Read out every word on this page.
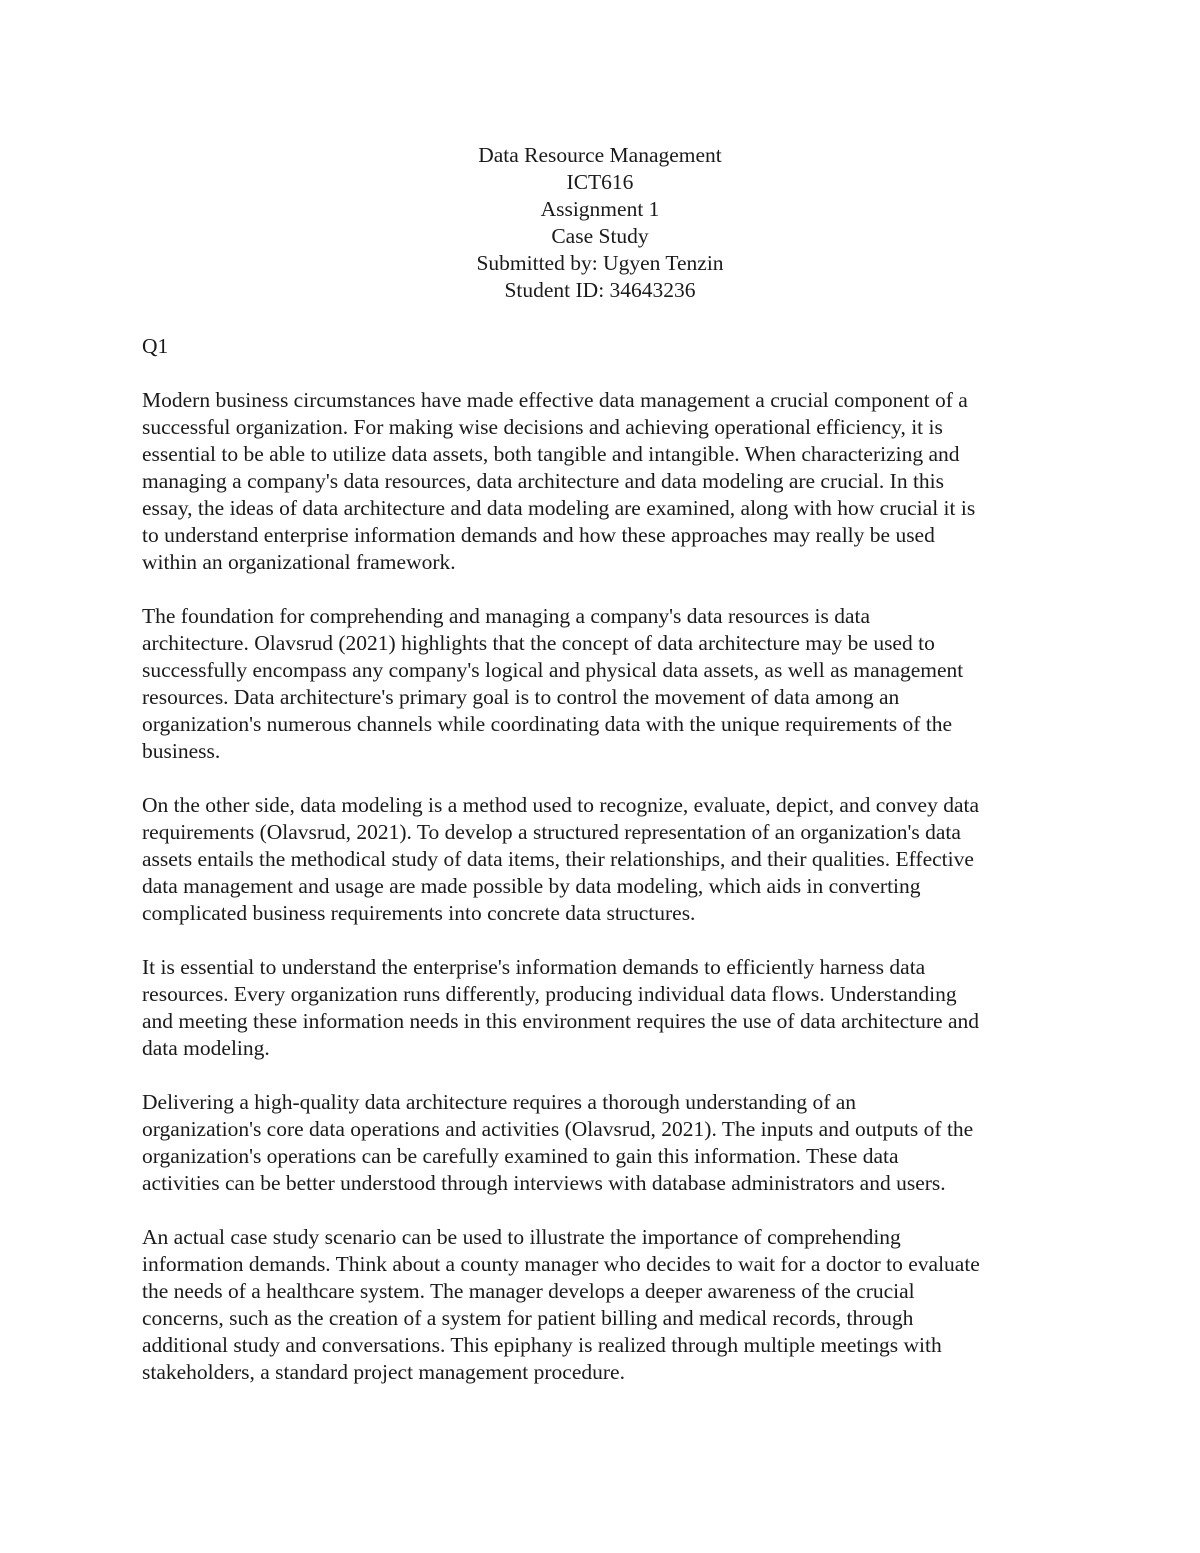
Data Resource Management
ICT616
Assignment 1
Case Study
Submitted by: Ugyen Tenzin
Student ID: 34643236

Q1

Modern business circumstances have made effective data management a crucial component of a
successful organization. For making wise decisions and achieving operational efficiency, it is
essential to be able to utilize data assets, both tangible and intangible. When characterizing and
managing a company's data resources, data architecture and data modeling are crucial. In this
essay, the ideas of data architecture and data modeling are examined, along with how crucial it is
to understand enterprise information demands and how these approaches may really be used
within an organizational framework.

The foundation for comprehending and managing a company's data resources is data
architecture. Olavsrud (2021) highlights that the concept of data architecture may be used to
successfully encompass any company's logical and physical data assets, as well as management
resources. Data architecture's primary goal is to control the movement of data among an
organization's numerous channels while coordinating data with the unique requirements of the
business.

On the other side, data modeling is a method used to recognize, evaluate, depict, and convey data
requirements (Olavsrud, 2021). To develop a structured representation of an organization's data
assets entails the methodical study of data items, their relationships, and their qualities. Effective
data management and usage are made possible by data modeling, which aids in converting
complicated business requirements into concrete data structures.

It is essential to understand the enterprise's information demands to efficiently harness data
resources. Every organization runs differently, producing individual data flows. Understanding
and meeting these information needs in this environment requires the use of data architecture and
data modeling.

Delivering a high-quality data architecture requires a thorough understanding of an
organization's core data operations and activities (Olavsrud, 2021). The inputs and outputs of the
organization's operations can be carefully examined to gain this information. These data
activities can be better understood through interviews with database administrators and users.

An actual case study scenario can be used to illustrate the importance of comprehending
information demands. Think about a county manager who decides to wait for a doctor to evaluate
the needs of a healthcare system. The manager develops a deeper awareness of the crucial
concerns, such as the creation of a system for patient billing and medical records, through
additional study and conversations. This epiphany is realized through multiple meetings with
stakeholders, a standard project management procedure.
